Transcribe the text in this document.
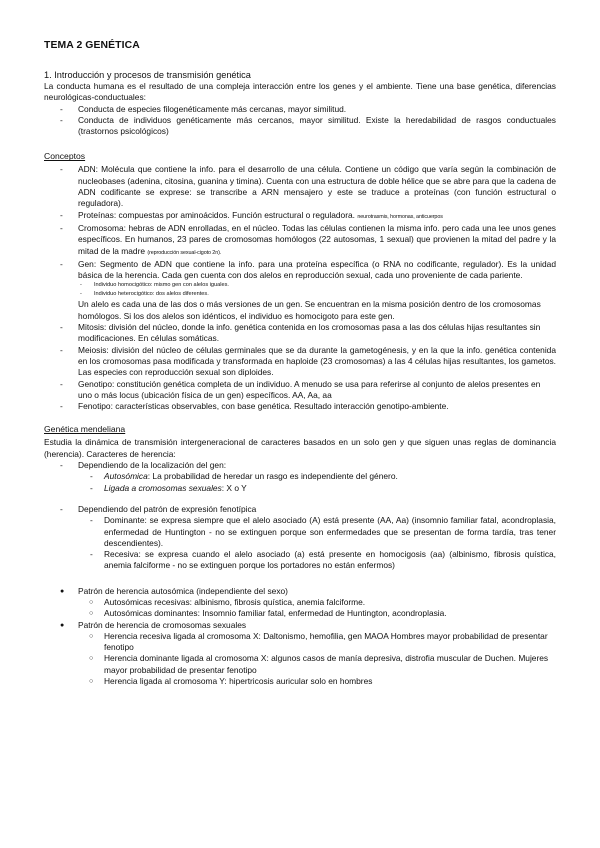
TEMA 2 GENÉTICA
1. Introducción y procesos de transmisión genética

La conducta humana es el resultado de una compleja interacción entre los genes y el ambiente. Tiene una base genética, diferencias neurológicas-conductuales:

- Conducta de especies filogenéticamente más cercanas, mayor similitud.
- Conducta de individuos genéticamente más cercanos, mayor similitud. Existe la heredabilidad de rasgos conductuales (trastornos psicológicos)
Conceptos
- ADN: Molécula que contiene la info. para el desarrollo de una célula. Contiene un código que varía según la combinación de nucleobases (adenina, citosina, guanina y timina). Cuenta con una estructura de doble hélice que se abre para que la cadena de ADN codificante se exprese: se transcribe a ARN mensajero y este se traduce a proteínas (con función estructural o reguladora).
- Proteínas: compuestas por aminoácidos. Función estructural o reguladora. neurotrasmis, hormonas, anticuerpos
- Cromosoma: hebras de ADN enrolladas, en el núcleo. Todas las células contienen la misma info. pero cada una lee unos genes específicos. En humanos, 23 pares de cromosomas homólogos (22 autosomas, 1 sexual) que provienen la mitad del padre y la mitad de la madre (reproducción sexual-cigoto 2n).
- Gen: Segmento de ADN que contiene la info. para una proteína específica (o RNA no codificante, regulador). Es la unidad básica de la herencia. Cada gen cuenta con dos alelos en reproducción sexual, cada uno proveniente de cada pariente.
- Individuo homocigótico: mismo gen con alelos iguales.
- Individuo heterocigótico: dos alelos diferentes.

Un alelo es cada una de las dos o más versiones de un gen. Se encuentran en la misma posición dentro de los cromosomas homólogos. Si los dos alelos son idénticos, el individuo es homocigoto para este gen.

- Mitosis: división del núcleo, donde la info. genética contenida en los cromosomas pasa a las dos células hijas resultantes sin modificaciones. En células somáticas.
- Meiosis: división del núcleo de células germinales que se da durante la gametogénesis, y en la que la info. genética contenida en los cromosomas pasa modificada y transformada en haploide (23 cromosomas) a las 4 células hijas resultantes, los gametos. Las especies con reproducción sexual son diploides.
- Genotipo: constitución genética completa de un individuo. A menudo se usa para referirse al conjunto de alelos presentes en uno o más locus (ubicación física de un gen) específicos. AA, Aa, aa
- Fenotipo: características observables, con base genética. Resultado interacción genotipo-ambiente.
Genética mendeliana

Estudia la dinámica de transmisión intergeneracional de caracteres basados en un solo gen y que siguen unas reglas de dominancia (herencia). Caracteres de herencia:

- Dependiendo de la localización del gen:
- Autosómica: La probabilidad de heredar un rasgo es independiente del género.
- Ligada a cromosomas sexuales: X o Y
- Dependiendo del patrón de expresión fenotípica
- Dominante: se expresa siempre que el alelo asociado (A) está presente (AA, Aa) (insomnio familiar fatal, acondroplasia, enfermedad de Huntington - no se extinguen porque son enfermedades que se presentan de forma tardía, tras tener descendientes).
- Recesiva: se expresa cuando el alelo asociado (a) está presente en homocigosis (aa) (albinismo, fibrosis quística, anemia falciforme - no se extinguen porque los portadores no están enfermos)
● Patrón de herencia autosómica (independiente del sexo)
○ Autosómicas recesivas: albinismo, fibrosis quística, anemia falciforme.
○ Autosómicas dominantes: Insomnio familiar fatal, enfermedad de Huntington, acondroplasia.
● Patrón de herencia de cromosomas sexuales
○ Herencia recesiva ligada al cromosoma X: Daltonismo, hemofilia, gen MAOA Hombres mayor probabilidad de presentar fenotipo
○ Herencia dominante ligada al cromosoma X: algunos casos de manía depresiva, distrofia muscular de Duchen. Mujeres mayor probabilidad de presentar fenotipo
○ Herencia ligada al cromosoma Y: hipertricosis auricular solo en hombres
